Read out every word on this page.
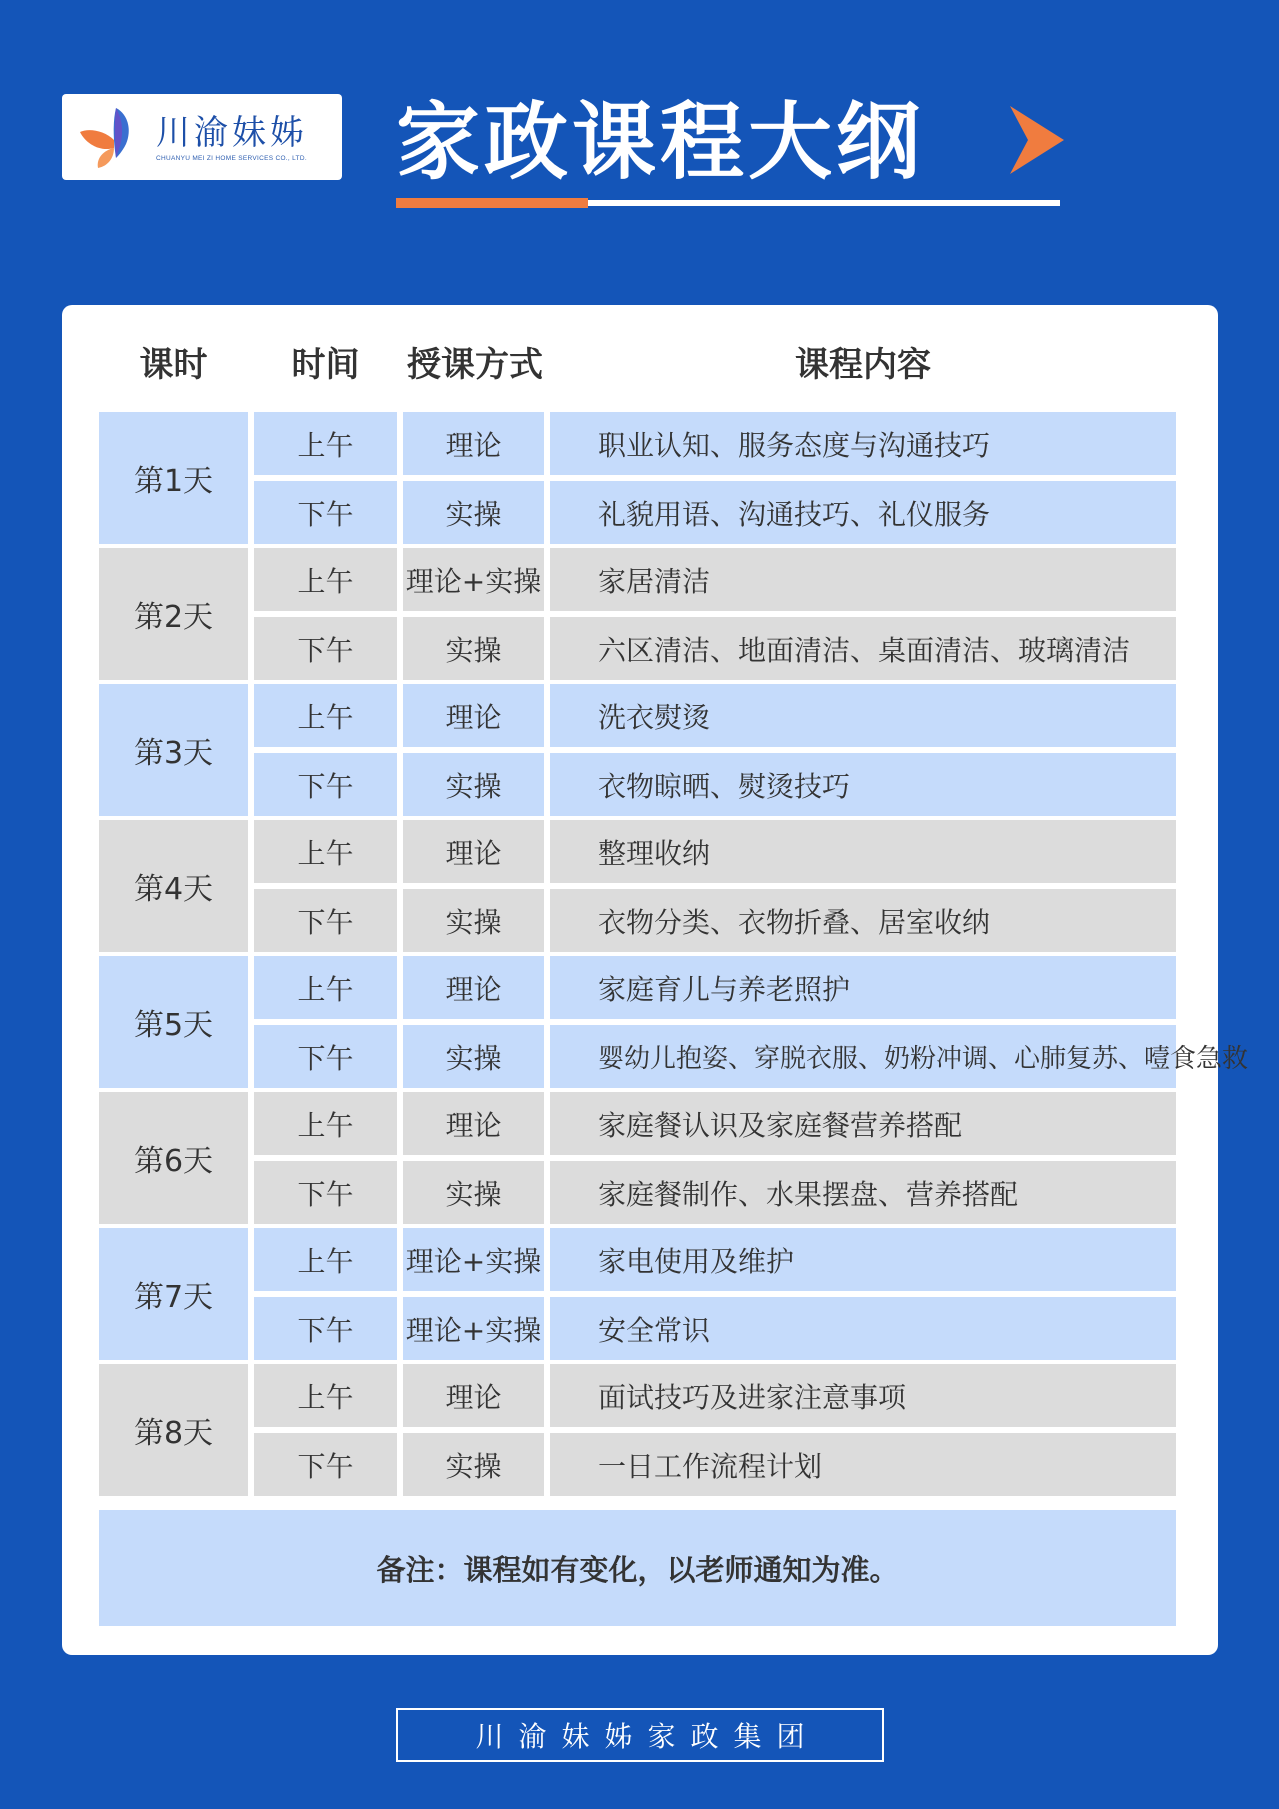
川渝妹姊
CHUANYU MEI ZI HOME SERVICES CO., LTD. 家政课程大纲
课时	时间	授课方式	课程内容
第1天
上午	理论	职业认知、服务态度与沟通技巧
下午	实操	礼貌用语、沟通技巧、礼仪服务
第2天
上午	理论+实操	家居清洁
下午	实操	六区清洁、地面清洁、桌面清洁、玻璃清洁
第3天
上午	理论	洗衣熨烫
下午	实操	衣物晾晒、熨烫技巧
第4天
上午	理论	整理收纳
下午	实操	衣物分类、衣物折叠、居室收纳
第5天
上午	理论	家庭育儿与养老照护
下午	实操	婴幼儿抱姿、穿脱衣服、奶粉冲调、心肺复苏、噎食急救
第6天
上午	理论	家庭餐认识及家庭餐营养搭配
下午	实操	家庭餐制作、水果摆盘、营养搭配
第7天
上午	理论+实操	家电使用及维护
下午	理论+实操	安全常识
第8天
上午	理论	面试技巧及进家注意事项
下午	实操	一日工作流程计划
备注：课程如有变化，以老师通知为准。
川渝妹姊家政集团
